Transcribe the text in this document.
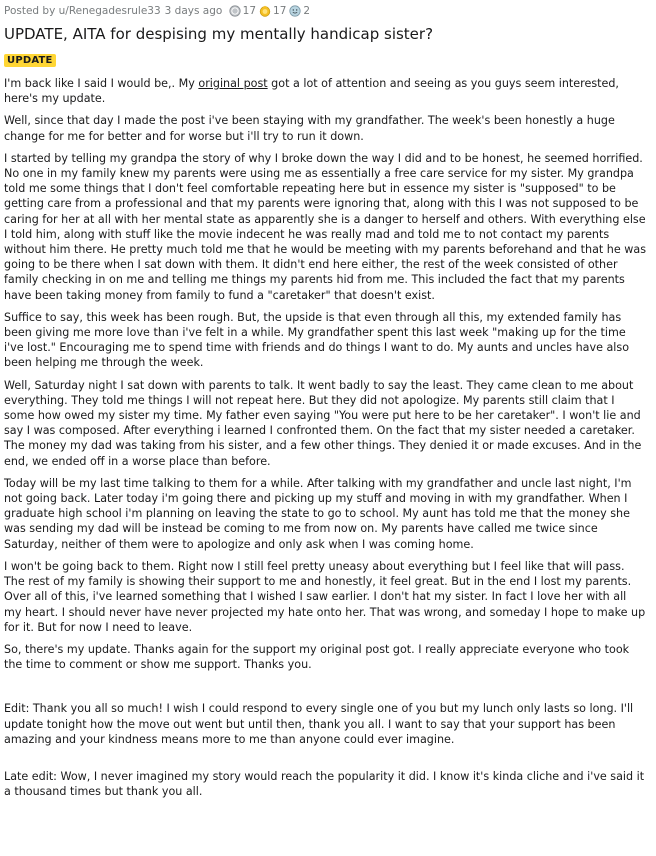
Posted by
u/Renegadesrule33 3 days ago
17 17 2
UPDATE, AITA for despising my mentally handicap sister?
UPDATE

I'm back like I said I would be,. My original post got a lot of attention and seeing as you guys seem interested, here's my update.

Well, since that day I made the post i've been staying with my grandfather. The week's been honestly a huge change for me for better and for worse but i'll try to run it down.

I started by telling my grandpa the story of why I broke down the way I did and to be honest, he seemed horrified. No one in my family knew my parents were using me as essentially a free care service for my sister. My grandpa told me some things that I don't feel comfortable repeating here but in essence my sister is "supposed" to be getting care from a professional and that my parents were ignoring that, along with this I was not supposed to be caring for her at all with her mental state as apparently she is a danger to herself and others. With everything else I told him, along with stuff like the movie indecent he was really mad and told me to not contact my parents without him there. He pretty much told me that he would be meeting with my parents beforehand and that he was going to be there when I sat down with them. It didn't end here either, the rest of the week consisted of other family checking in on me and telling me things my parents hid from me. This included the fact that my parents have been taking money from family to fund a "caretaker" that doesn't exist.

Suffice to say, this week has been rough. But, the upside is that even through all this, my extended family has been giving me more love than i've felt in a while. My grandfather spent this last week "making up for the time i've lost." Encouraging me to spend time with friends and do things I want to do. My aunts and uncles have also been helping me through the week.

Well, Saturday night I sat down with parents to talk. It went badly to say the least. They came clean to me about everything. They told me things I will not repeat here. But they did not apologize. My parents still claim that I some how owed my sister my time. My father even saying "You were put here to be her caretaker". I won't lie and say I was composed. After everything i learned I confronted them. On the fact that my sister needed a caretaker. The money my dad was taking from his sister, and a few other things. They denied it or made excuses. And in the end, we ended off in a worse place than before.

Today will be my last time talking to them for a while. After talking with my grandfather and uncle last night, I'm not going back. Later today i'm going there and picking up my stuff and moving in with my grandfather. When I graduate high school i'm planning on leaving the state to go to school. My aunt has told me that the money she was sending my dad will be instead be coming to me from now on. My parents have called me twice since Saturday, neither of them were to apologize and only ask when I was coming home.

I won't be going back to them. Right now I still feel pretty uneasy about everything but I feel like that will pass. The rest of my family is showing their support to me and honestly, it feel great. But in the end I lost my parents. Over all of this, i've learned something that I wished I saw earlier. I don't hat my sister. In fact I love her with all my heart. I should never have never projected my hate onto her. That was wrong, and someday I hope to make up for it. But for now I need to leave.

So, there's my update. Thanks again for the support my original post got. I really appreciate everyone who took the time to comment or show me support. Thanks you.

Edit: Thank you all so much! I wish I could respond to every single one of you but my lunch only lasts so long. I'll update tonight how the move out went but until then, thank you all. I want to say that your support has been amazing and your kindness means more to me than anyone could ever imagine.

Late edit: Wow, I never imagined my story would reach the popularity it did. I know it's kinda cliche and i've said it a thousand times but thank you all.
